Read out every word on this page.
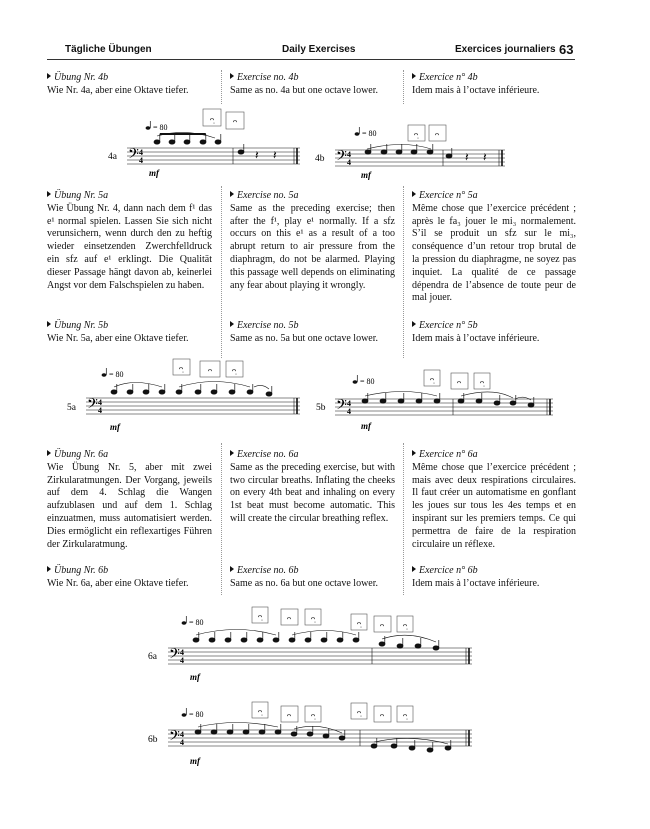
Tägliche Übungen	Daily Exercises	Exercices journaliers 63

Übung Nr. 4b

Wie Nr. 4a, aber eine Oktave tiefer.

Exercise no. 4b

Same as no. 4a but one octave lower.

Exercice n° 4b

Idem mais à l’octave inférieure.

ᴖ̣ ᴖ
= 80
𝄢 4
4
4a	𝄽 𝄽
mf
ᴖ̣ ᴖ
= 80
𝄢 4
4
4b	𝄽 𝄽
mf

Übung Nr. 5a

Wie Übung Nr. 4, dann nach dem f¹ das e¹ normal spielen. Lassen Sie sich nicht verunsichern, wenn durch den zu heftig wieder einsetzenden Zwerchfelldruck ein sfz auf e¹ erklingt. Die Qualität dieser Passage hängt davon ab, keinerlei Angst vor dem Falschspielen zu haben.

Exercise no. 5a

Same as the preceding exercise; then after the f¹, play e¹ normally. If a sfz occurs on this e¹ as a result of a too abrupt return to air pressure from the diaphragm, do not be alarmed. Playing this passage well depends on eliminating any fear about playing it wrongly.

Exercice n° 5a

Même chose que l’exercice précédent ; après le fa₃ jouer le mi₃ normalement. S’il se produit un sfz sur le mi₃, conséquence d’un retour trop brutal de la pression du diaphragme, ne soyez pas inquiet. La qualité de ce passage dépendra de l’absence de toute peur de mal jouer.

Übung Nr. 5b

Wie Nr. 5a, aber eine Oktave tiefer.

Exercise no. 5b

Same as no. 5a but one octave lower.

Exercice n° 5b

Idem mais à l’octave inférieure.

ᴖ̣	ᴖ	ᴖ̣
= 80
𝄢 4
4
5a
mf
ᴖ̣	ᴖ ᴖ̣
= 80
𝄢 4
4
5b
mf

Übung Nr. 6a

Wie Übung Nr. 5, aber mit zwei Zirkularatmungen. Der Vorgang, jeweils auf dem 4. Schlag die Wangen aufzublasen und auf dem 1. Schlag einzuatmen, muss automatisiert werden. Dies ermöglicht ein reflexartiges Führen der Zirkularatmung.

Exercise no. 6a

Same as the preceding exercise, but with two circular breaths. Inflating the cheeks on every 4th beat and inhaling on every 1st beat must become automatic. This will create the circular breathing reflex.

Exercice n° 6a

Même chose que l’exercice précédent ; mais avec deux respirations circulaires. Il faut créer un automatisme en gonflant les joues sur tous les 4es temps et en inspirant sur les premiers temps. Ce qui permettra de faire de la respiration circulaire un réflexe.

Übung Nr. 6b

Wie Nr. 6a, aber eine Oktave tiefer.

Exercise no. 6b

Same as no. 6a but one octave lower.

Exercice n° 6b

Idem mais à l’octave inférieure.

ᴖ̣	ᴖ	ᴖ̣
ᴖ̣ ᴖ ᴖ̣
= 80
𝄢 4
4
6a
mf
ᴖ̣	ᴖ	ᴖ̣	ᴖ̣ ᴖ ᴖ̣
= 80
𝄢 4
4
6b
mf
